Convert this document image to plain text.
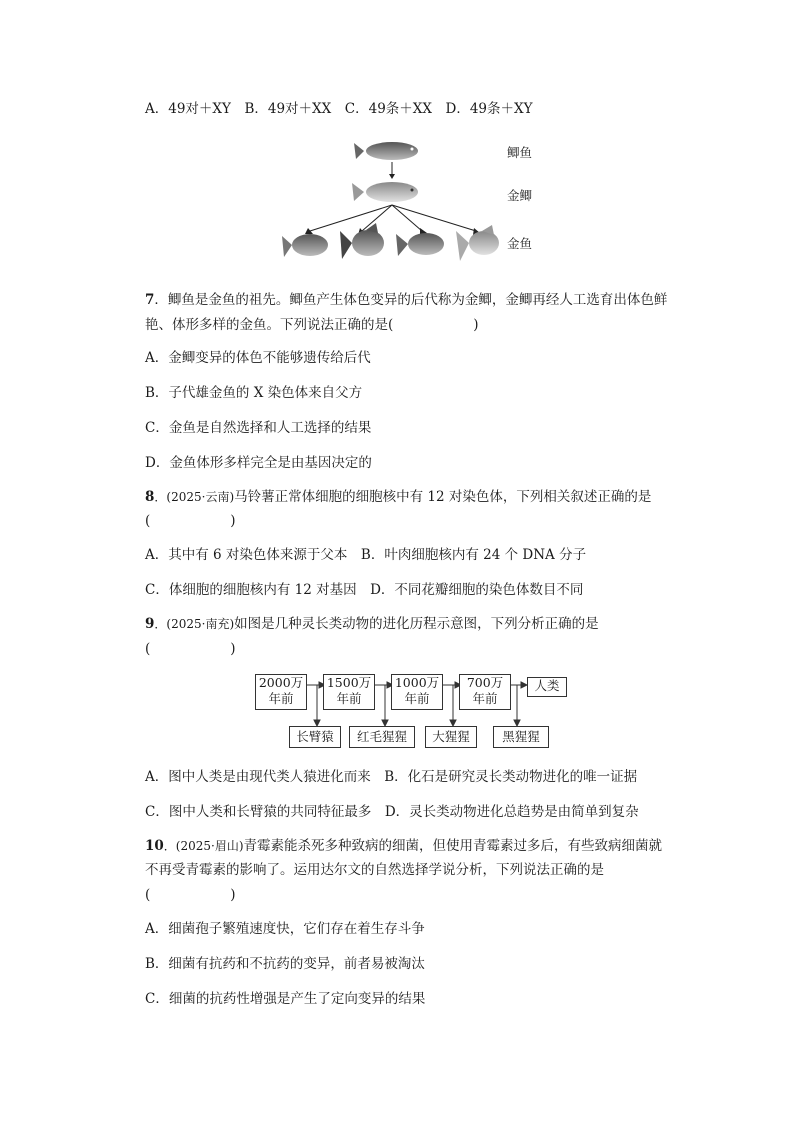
A．49对＋XY　B．49对＋XX　C．49条＋XX　D．49条＋XY
鲫鱼
金鲫
金鱼
7．鲫鱼是金鱼的祖先。鲫鱼产生体色变异的后代称为金鲫，金鲫再经人工选育出体色鲜
艳、体形多样的金鱼。下列说法正确的是(	)
A．金鲫变异的体色不能够遗传给后代
B．子代雄金鱼的 X 染色体来自父方
C．金鱼是自然选择和人工选择的结果
D．金鱼体形多样完全是由基因决定的
8．(2025·云南)马铃薯正常体细胞的细胞核中有 12 对染色体，下列相关叙述正确的是
(	)
A．其中有 6 对染色体来源于父本　B．叶肉细胞核内有 24 个 DNA 分子
C．体细胞的细胞核内有 12 对基因　D．不同花瓣细胞的染色体数目不同
9．(2025·南充)如图是几种灵长类动物的进化历程示意图，下列分析正确的是
(	)
2000万
年前
1500万
年前
1000万
年前
700万
年前
人类
长臂猿	红毛猩猩	大猩猩	黑猩猩
A．图中人类是由现代类人猿进化而来　B．化石是研究灵长类动物进化的唯一证据
C．图中人类和长臂猿的共同特征最多　D．灵长类动物进化总趋势是由简单到复杂
10．(2025·眉山)青霉素能杀死多种致病的细菌，但使用青霉素过多后，有些致病细菌就
不再受青霉素的影响了。运用达尔文的自然选择学说分析，下列说法正确的是
(	)
A．细菌孢子繁殖速度快，它们存在着生存斗争
B．细菌有抗药和不抗药的变异，前者易被淘汰
C．细菌的抗药性增强是产生了定向变异的结果
